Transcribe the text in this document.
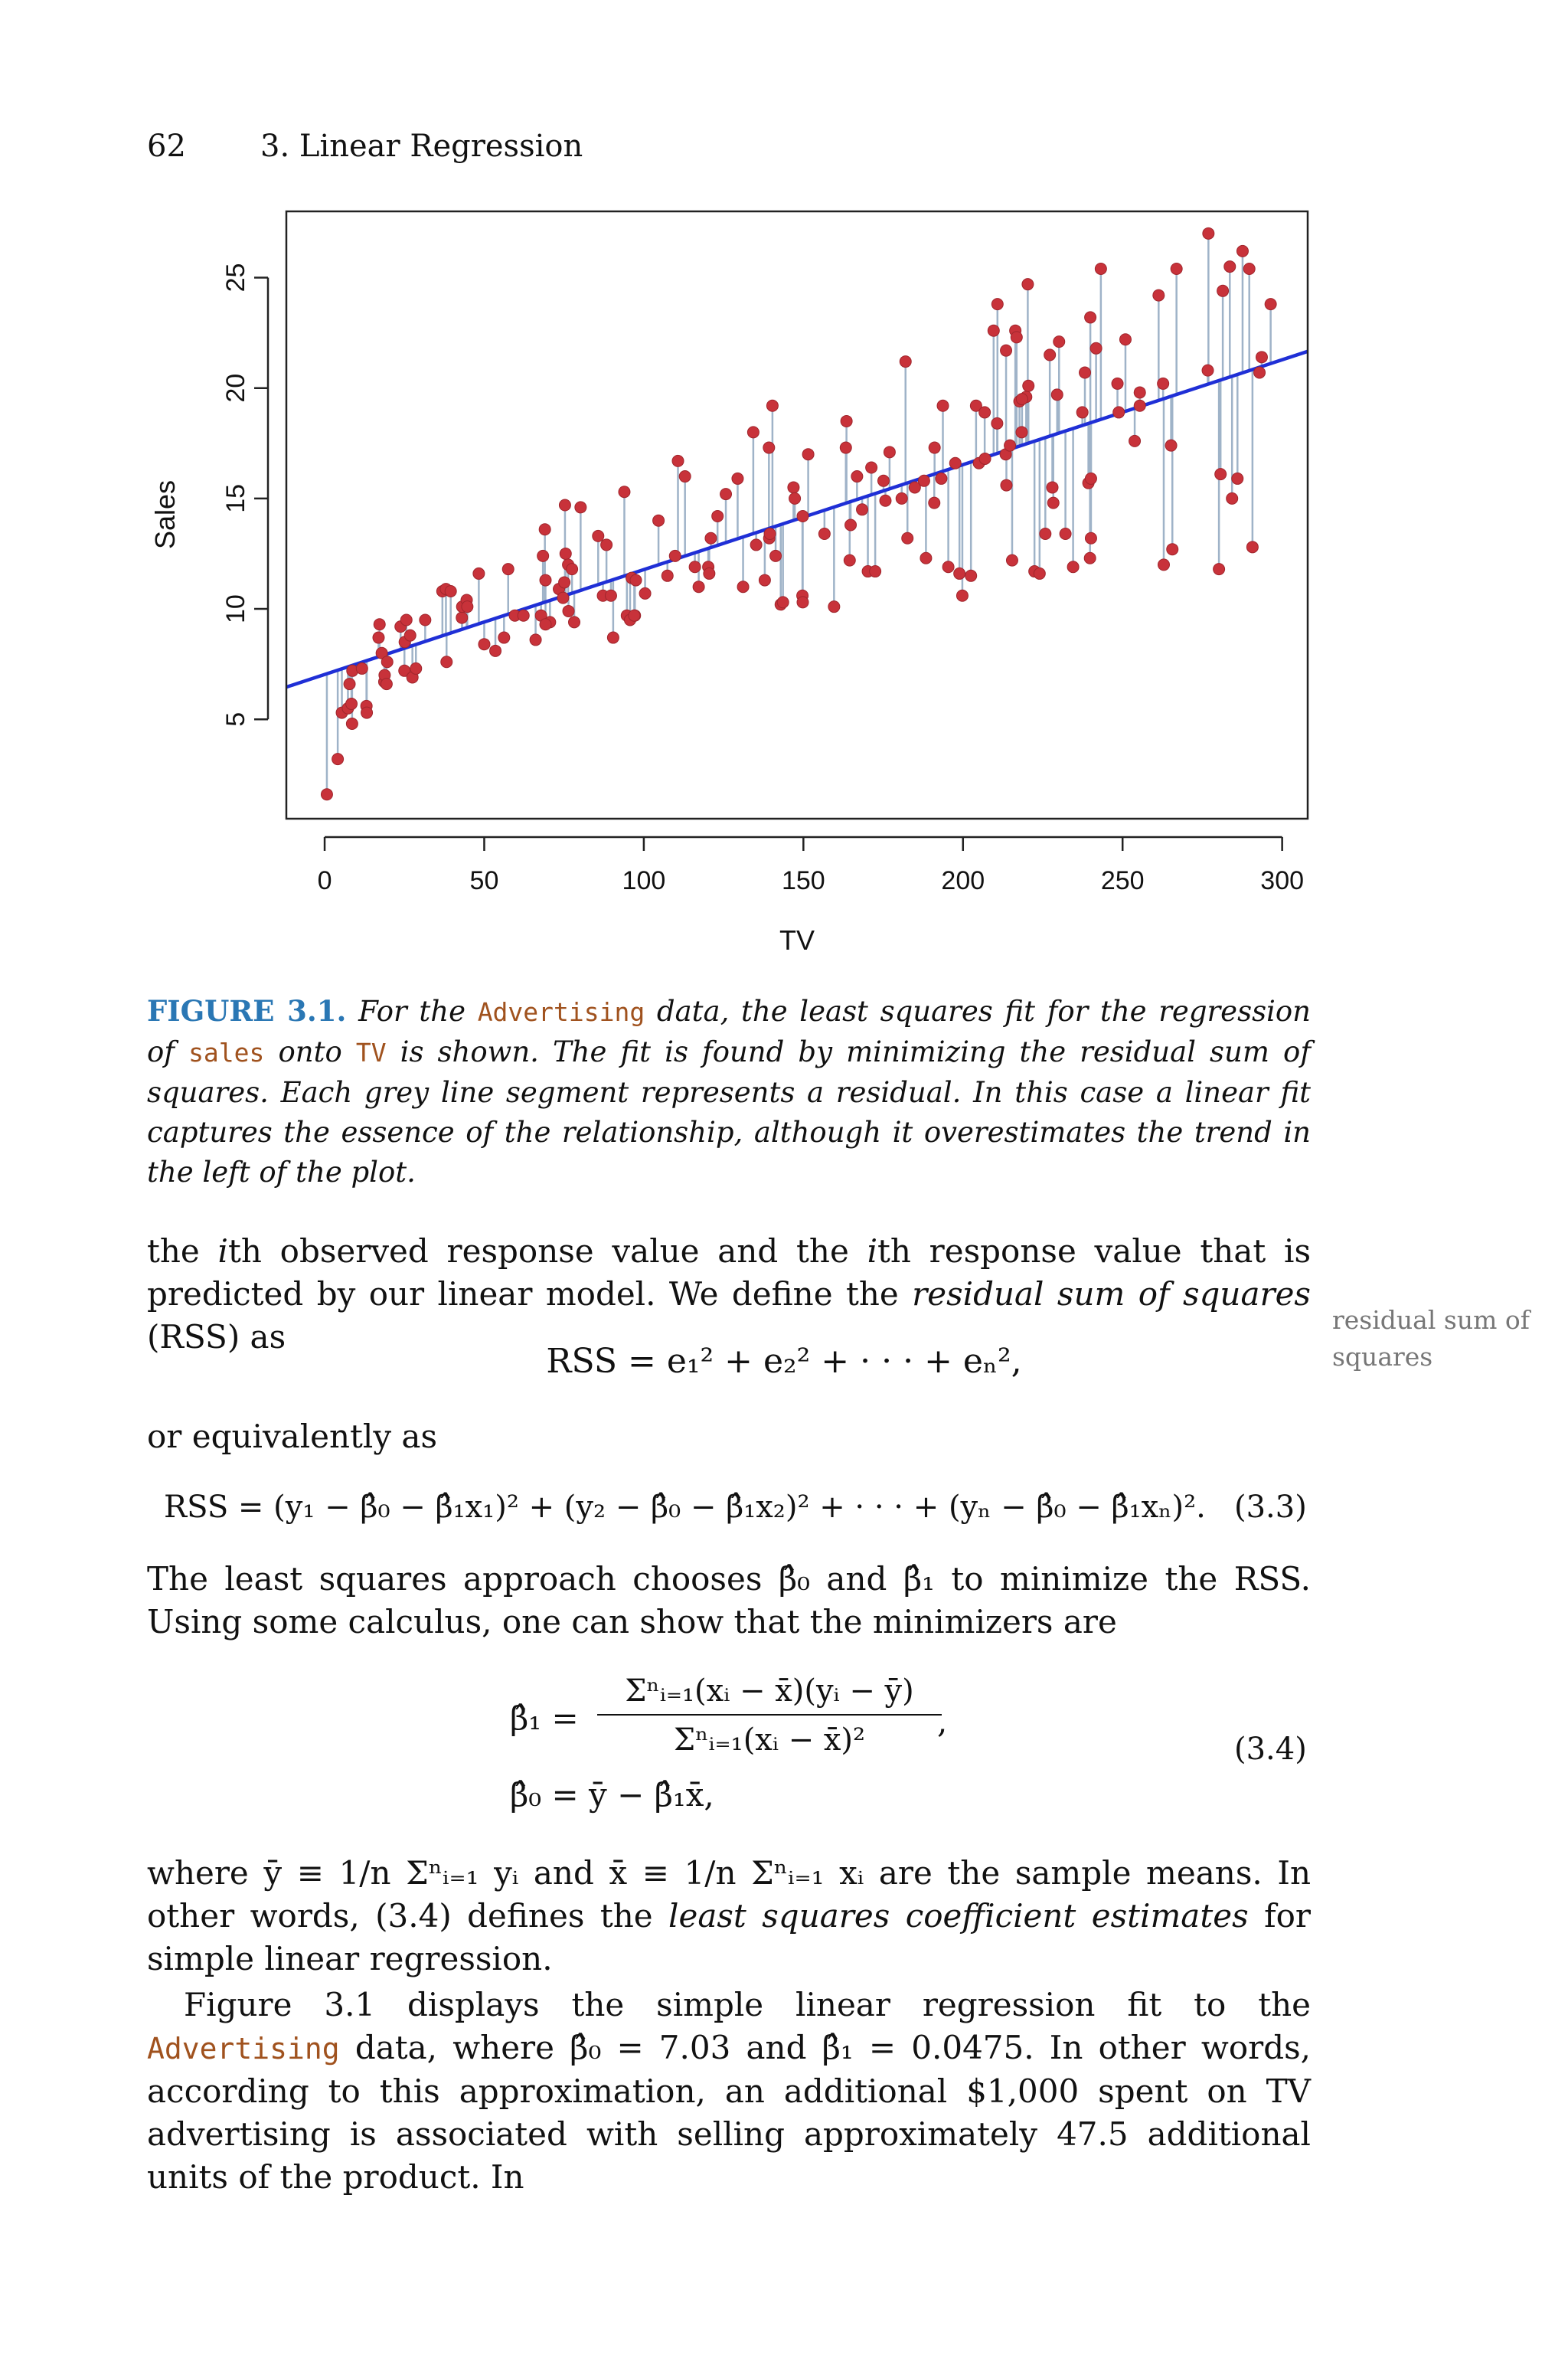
62 3. Linear Regression
0	50	100	150	200	250	300
5
10
15
20
25
TV
Sales
FIGURE 3.1. For the Advertising data, the least squares fit for the regression of sales onto TV is shown. The fit is found by minimizing the residual sum of squares. Each grey line segment represents a residual. In this case a linear fit captures the essence of the relationship, although it overestimates the trend in the left of the plot.
the ith observed response value and the ith response value that is predicted by our linear model. We define the residual sum of squares (RSS) as	residual sum of squares
RSS = e₁² + e₂² + · · · + eₙ²,
or equivalently as
RSS = (y₁ − β̂₀ − β̂₁x₁)² + (y₂ − β̂₀ − β̂₁x₂)² + · · · + (yₙ − β̂₀ − β̂₁xₙ)². (3.3)
The least squares approach chooses β̂₀ and β̂₁ to minimize the RSS. Using some calculus, one can show that the minimizers are
β̂₁ =
Σⁿᵢ₌₁(xᵢ − x̄)(yᵢ − ȳ)
Σⁿᵢ₌₁(xᵢ − x̄)²	,
(3.4)
β̂₀ = ȳ − β̂₁x̄,
where ȳ ≡ 1/n Σⁿᵢ₌₁ yᵢ and x̄ ≡ 1/n Σⁿᵢ₌₁ xᵢ are the sample means. In other words, (3.4) defines the least squares coefficient estimates for simple linear regression.
Figure 3.1 displays the simple linear regression fit to the Advertising data, where β̂₀ = 7.03 and β̂₁ = 0.0475. In other words, according to this approximation, an additional $1,000 spent on TV advertising is associated with selling approximately 47.5 additional units of the product. In
